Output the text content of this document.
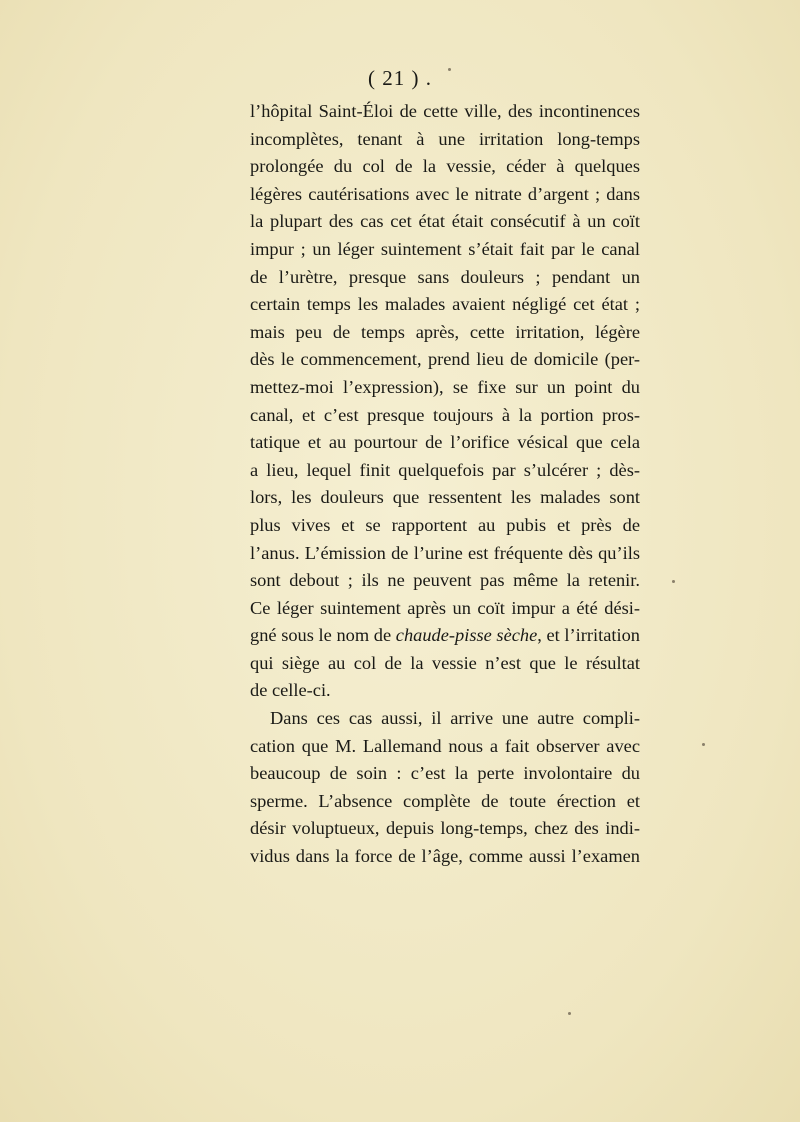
( 21 ) .
l’hôpital Saint-Éloi de cette ville, des incontinences
incomplètes, tenant à une irritation long-temps
prolongée du col de la vessie, céder à quelques
légères cautérisations avec le nitrate d’argent ; dans
la plupart des cas cet état était consécutif à un coït
impur ; un léger suintement s’était fait par le canal
de l’urètre, presque sans douleurs ; pendant un
certain temps les malades avaient négligé cet état ;
mais peu de temps après, cette irritation, légère
dès le commencement, prend lieu de domicile (per-
mettez-moi l’expression), se fixe sur un point du
canal, et c’est presque toujours à la portion pros-
tatique et au pourtour de l’orifice vésical que cela
a lieu, lequel finit quelquefois par s’ulcérer ; dès-
lors, les douleurs que ressentent les malades sont
plus vives et se rapportent au pubis et près de
l’anus. L’émission de l’urine est fréquente dès qu’ils
sont debout ; ils ne peuvent pas même la retenir.
Ce léger suintement après un coït impur a été dési-
gné sous le nom de chaude-pisse sèche, et l’irritation
qui siège au col de la vessie n’est que le résultat
de celle-ci.
Dans ces cas aussi, il arrive une autre compli-
cation que M. Lallemand nous a fait observer avec
beaucoup de soin : c’est la perte involontaire du
sperme. L’absence complète de toute érection et
désir voluptueux, depuis long-temps, chez des indi-
vidus dans la force de l’âge, comme aussi l’examen
